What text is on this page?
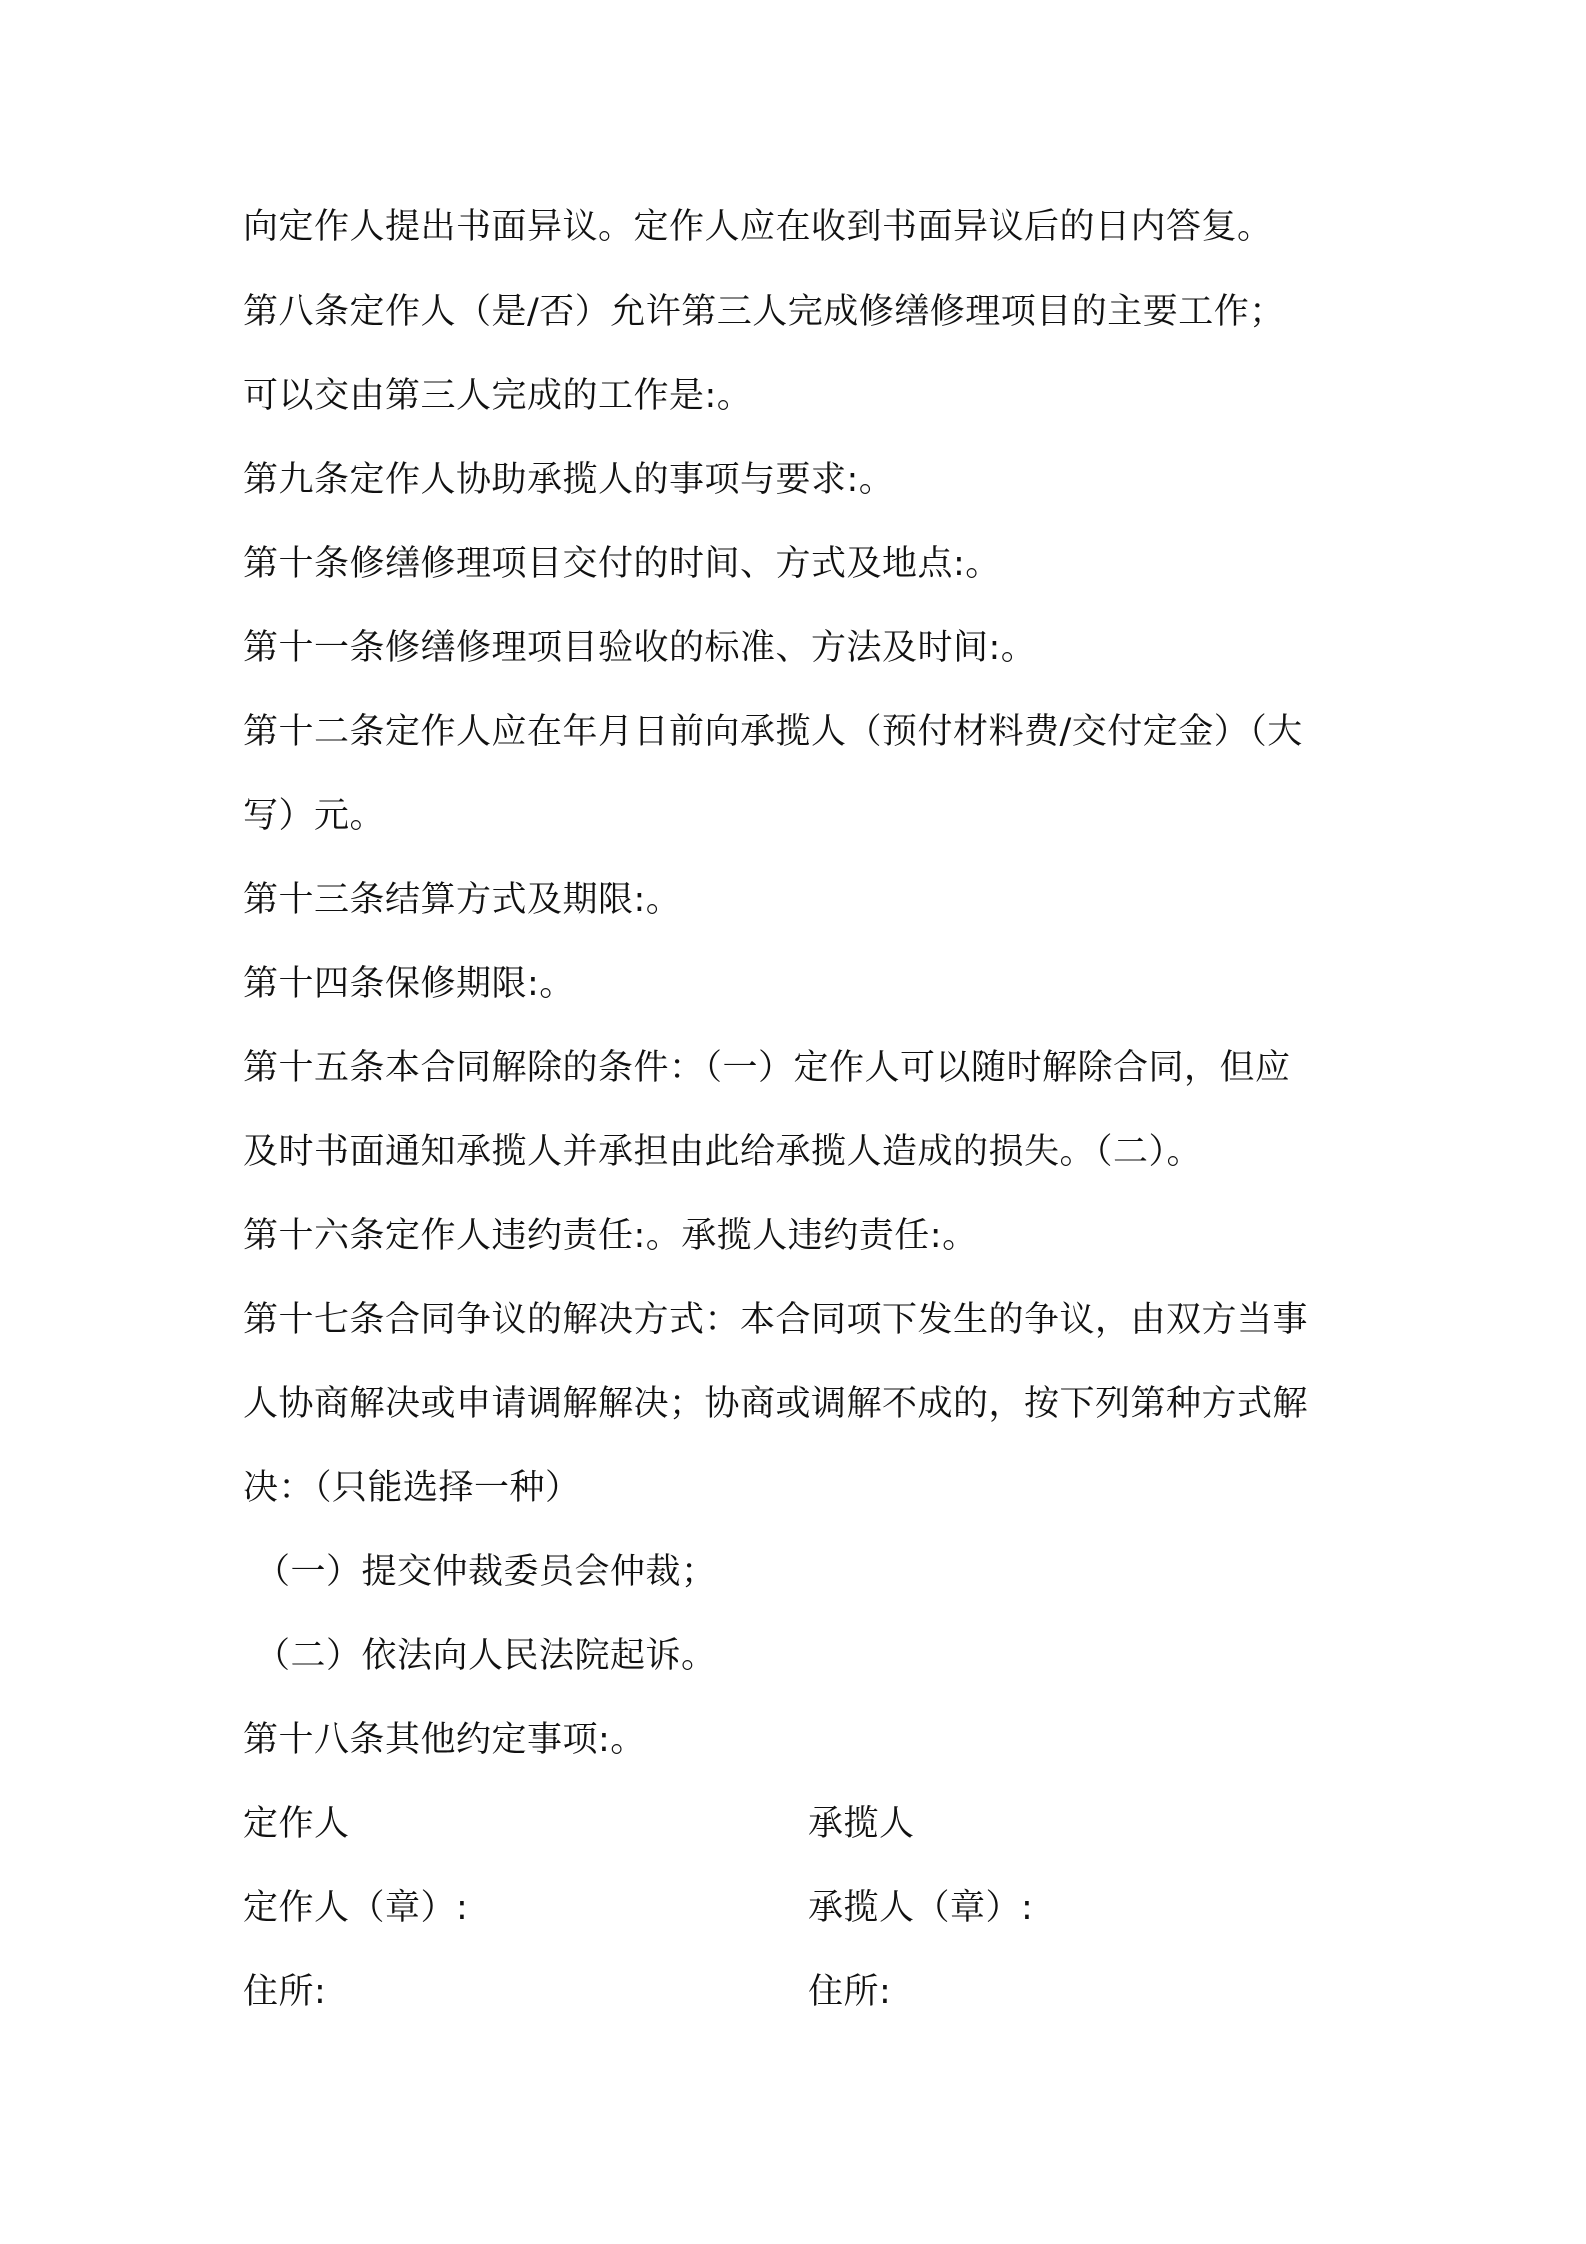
向定作人提出书面异议。定作人应在收到书面异议后的日内答复。
第八条定作人（是/否）允许第三人完成修缮修理项目的主要工作；
可以交由第三人完成的工作是:。
第九条定作人协助承揽人的事项与要求:。
第十条修缮修理项目交付的时间、方式及地点:。
第十一条修缮修理项目验收的标准、方法及时间:。
第十二条定作人应在年月日前向承揽人（预付材料费/交付定金）（大
写）元。
第十三条结算方式及期限:。
第十四条保修期限:。
第十五条本合同解除的条件：（一）定作人可以随时解除合同，但应
及时书面通知承揽人并承担由此给承揽人造成的损失。（二）。
第十六条定作人违约责任:。承揽人违约责任:。
第十七条合同争议的解决方式：本合同项下发生的争议，由双方当事
人协商解决或申请调解解决；协商或调解不成的，按下列第种方式解
决：（只能选择一种）
（一）提交仲裁委员会仲裁；
（二）依法向人民法院起诉。
第十八条其他约定事项:。
定作人	承揽人
定作人（章）:	承揽人（章）:
住所:	住所:
